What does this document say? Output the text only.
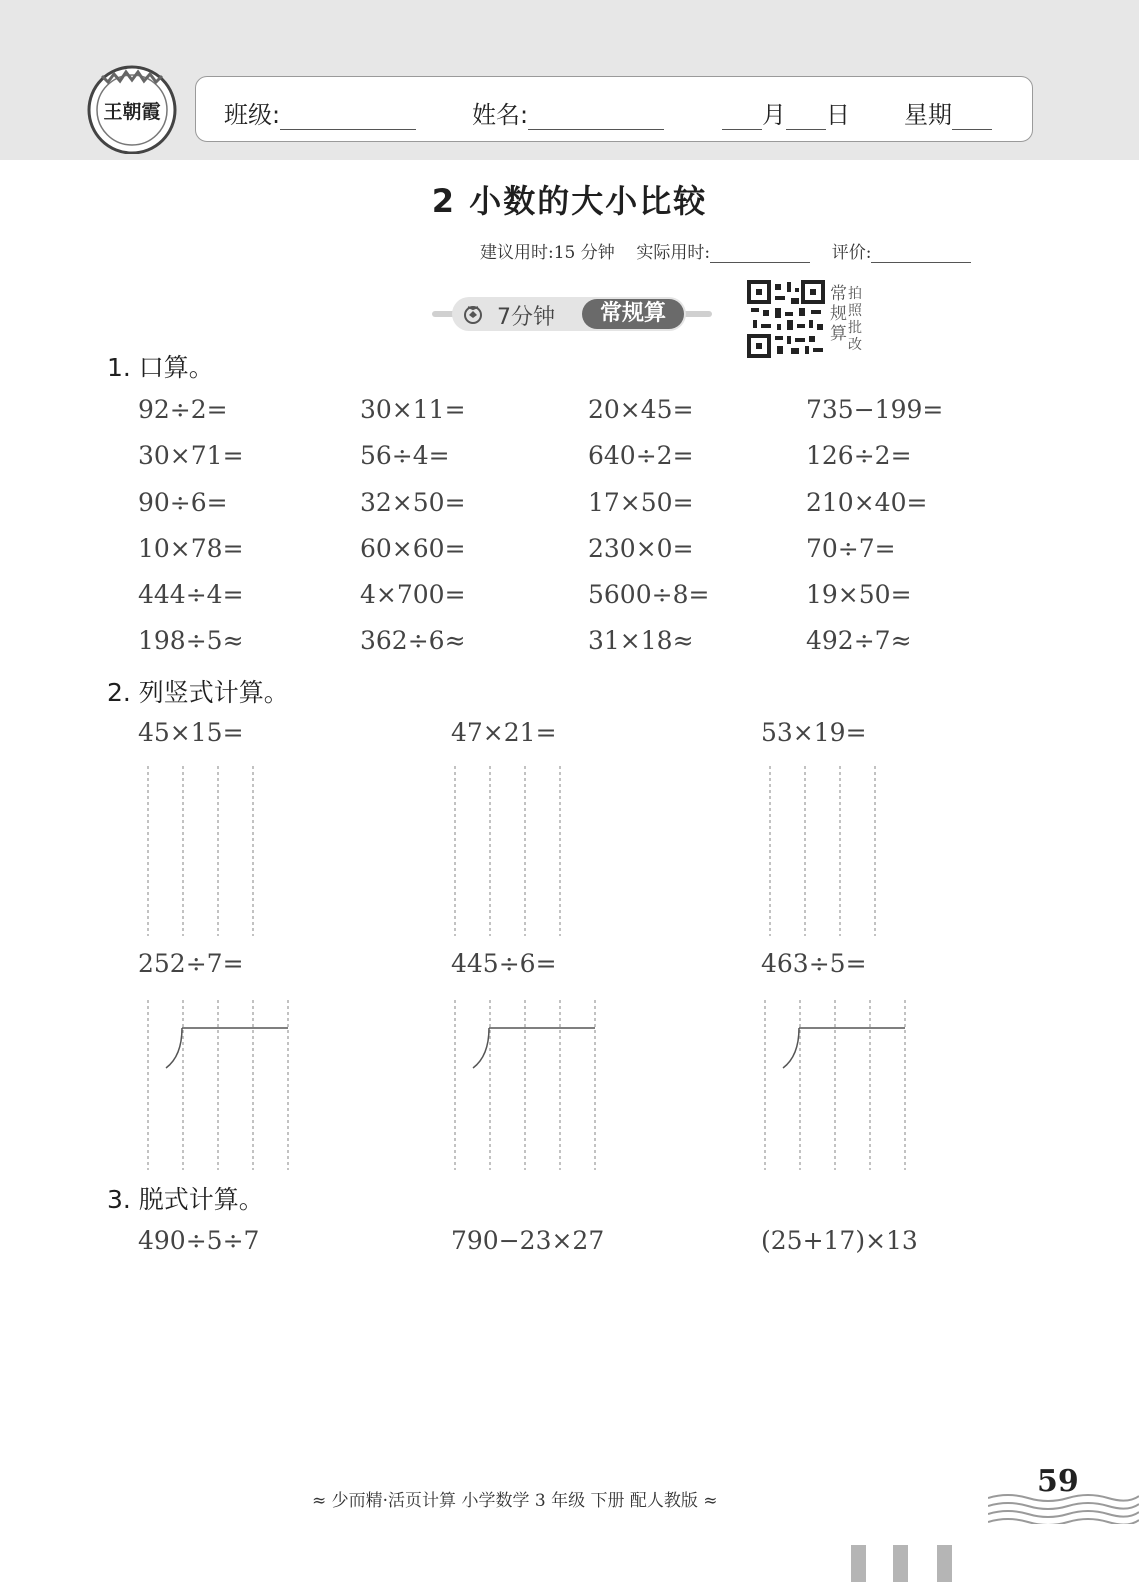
王朝霞	班级:	姓名:	月 日 星期
2 小数的大小比较
建议用时:15 分钟 实际用时:	评价:
7分钟	常规算
常
规
算
拍
照
批
改
1. 口算。
92÷2=	30×11=	20×45=	735−199=
30×71=	56÷4=	640÷2=	126÷2=
90÷6=	32×50=	17×50=	210×40=
10×78=	60×60=	230×0=	70÷7=
444÷4=	4×700=	5600÷8=	19×50=
198÷5≈	362÷6≈	31×18≈	492÷7≈
2. 列竖式计算。
45×15=	47×21=	53×19=
252÷7=	445÷6=	463÷5=
3. 脱式计算。
490÷5÷7	790−23×27	(25+17)×13
≈ 少而精·活页计算 小学数学 3 年级 下册 配人教版 ≈
59
